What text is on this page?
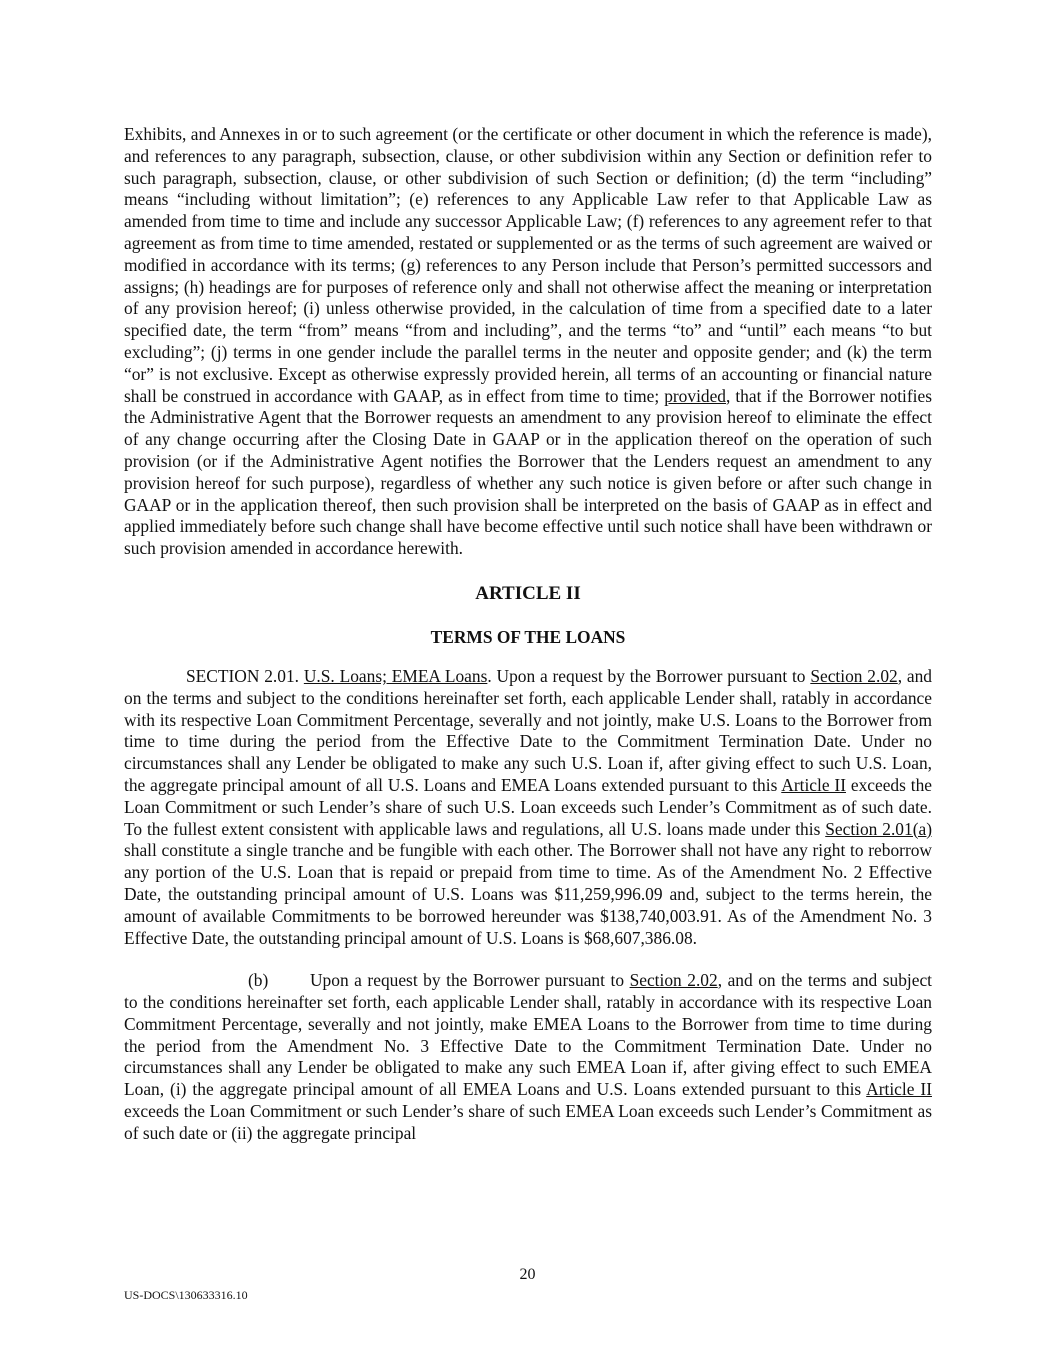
Exhibits, and Annexes in or to such agreement (or the certificate or other document in which the reference is made), and references to any paragraph, subsection, clause, or other subdivision within any Section or definition refer to such paragraph, subsection, clause, or other subdivision of such Section or definition; (d) the term “including” means “including without limitation”; (e) references to any Applicable Law refer to that Applicable Law as amended from time to time and include any successor Applicable Law; (f) references to any agreement refer to that agreement as from time to time amended, restated or supplemented or as the terms of such agreement are waived or modified in accordance with its terms; (g) references to any Person include that Person’s permitted successors and assigns; (h) headings are for purposes of reference only and shall not otherwise affect the meaning or interpretation of any provision hereof; (i) unless otherwise provided, in the calculation of time from a specified date to a later specified date, the term “from” means “from and including”, and the terms “to” and “until” each means “to but excluding”; (j) terms in one gender include the parallel terms in the neuter and opposite gender; and (k) the term “or” is not exclusive. Except as otherwise expressly provided herein, all terms of an accounting or financial nature shall be construed in accordance with GAAP, as in effect from time to time; provided, that if the Borrower notifies the Administrative Agent that the Borrower requests an amendment to any provision hereof to eliminate the effect of any change occurring after the Closing Date in GAAP or in the application thereof on the operation of such provision (or if the Administrative Agent notifies the Borrower that the Lenders request an amendment to any provision hereof for such purpose), regardless of whether any such notice is given before or after such change in GAAP or in the application thereof, then such provision shall be interpreted on the basis of GAAP as in effect and applied immediately before such change shall have become effective until such notice shall have been withdrawn or such provision amended in accordance herewith.

ARTICLE II

TERMS OF THE LOANS

SECTION 2.01. U.S. Loans; EMEA Loans. Upon a request by the Borrower pursuant to Section 2.02, and on the terms and subject to the conditions hereinafter set forth, each applicable Lender shall, ratably in accordance with its respective Loan Commitment Percentage, severally and not jointly, make U.S. Loans to the Borrower from time to time during the period from the Effective Date to the Commitment Termination Date. Under no circumstances shall any Lender be obligated to make any such U.S. Loan if, after giving effect to such U.S. Loan, the aggregate principal amount of all U.S. Loans and EMEA Loans extended pursuant to this Article II exceeds the Loan Commitment or such Lender’s share of such U.S. Loan exceeds such Lender’s Commitment as of such date. To the fullest extent consistent with applicable laws and regulations, all U.S. loans made under this Section 2.01(a) shall constitute a single tranche and be fungible with each other. The Borrower shall not have any right to reborrow any portion of the U.S. Loan that is repaid or prepaid from time to time. As of the Amendment No. 2 Effective Date, the outstanding principal amount of U.S. Loans was $11,259,996.09 and, subject to the terms herein, the amount of available Commitments to be borrowed hereunder was $138,740,003.91. As of the Amendment No. 3 Effective Date, the outstanding principal amount of U.S. Loans is $68,607,386.08.

(b) Upon a request by the Borrower pursuant to Section 2.02, and on the terms and subject to the conditions hereinafter set forth, each applicable Lender shall, ratably in accordance with its respective Loan Commitment Percentage, severally and not jointly, make EMEA Loans to the Borrower from time to time during the period from the Amendment No. 3 Effective Date to the Commitment Termination Date. Under no circumstances shall any Lender be obligated to make any such EMEA Loan if, after giving effect to such EMEA Loan, (i) the aggregate principal amount of all EMEA Loans and U.S. Loans extended pursuant to this Article II exceeds the Loan Commitment or such Lender’s share of such EMEA Loan exceeds such Lender’s Commitment as of such date or (ii) the aggregate principal

20
US-DOCS\130633316.10
